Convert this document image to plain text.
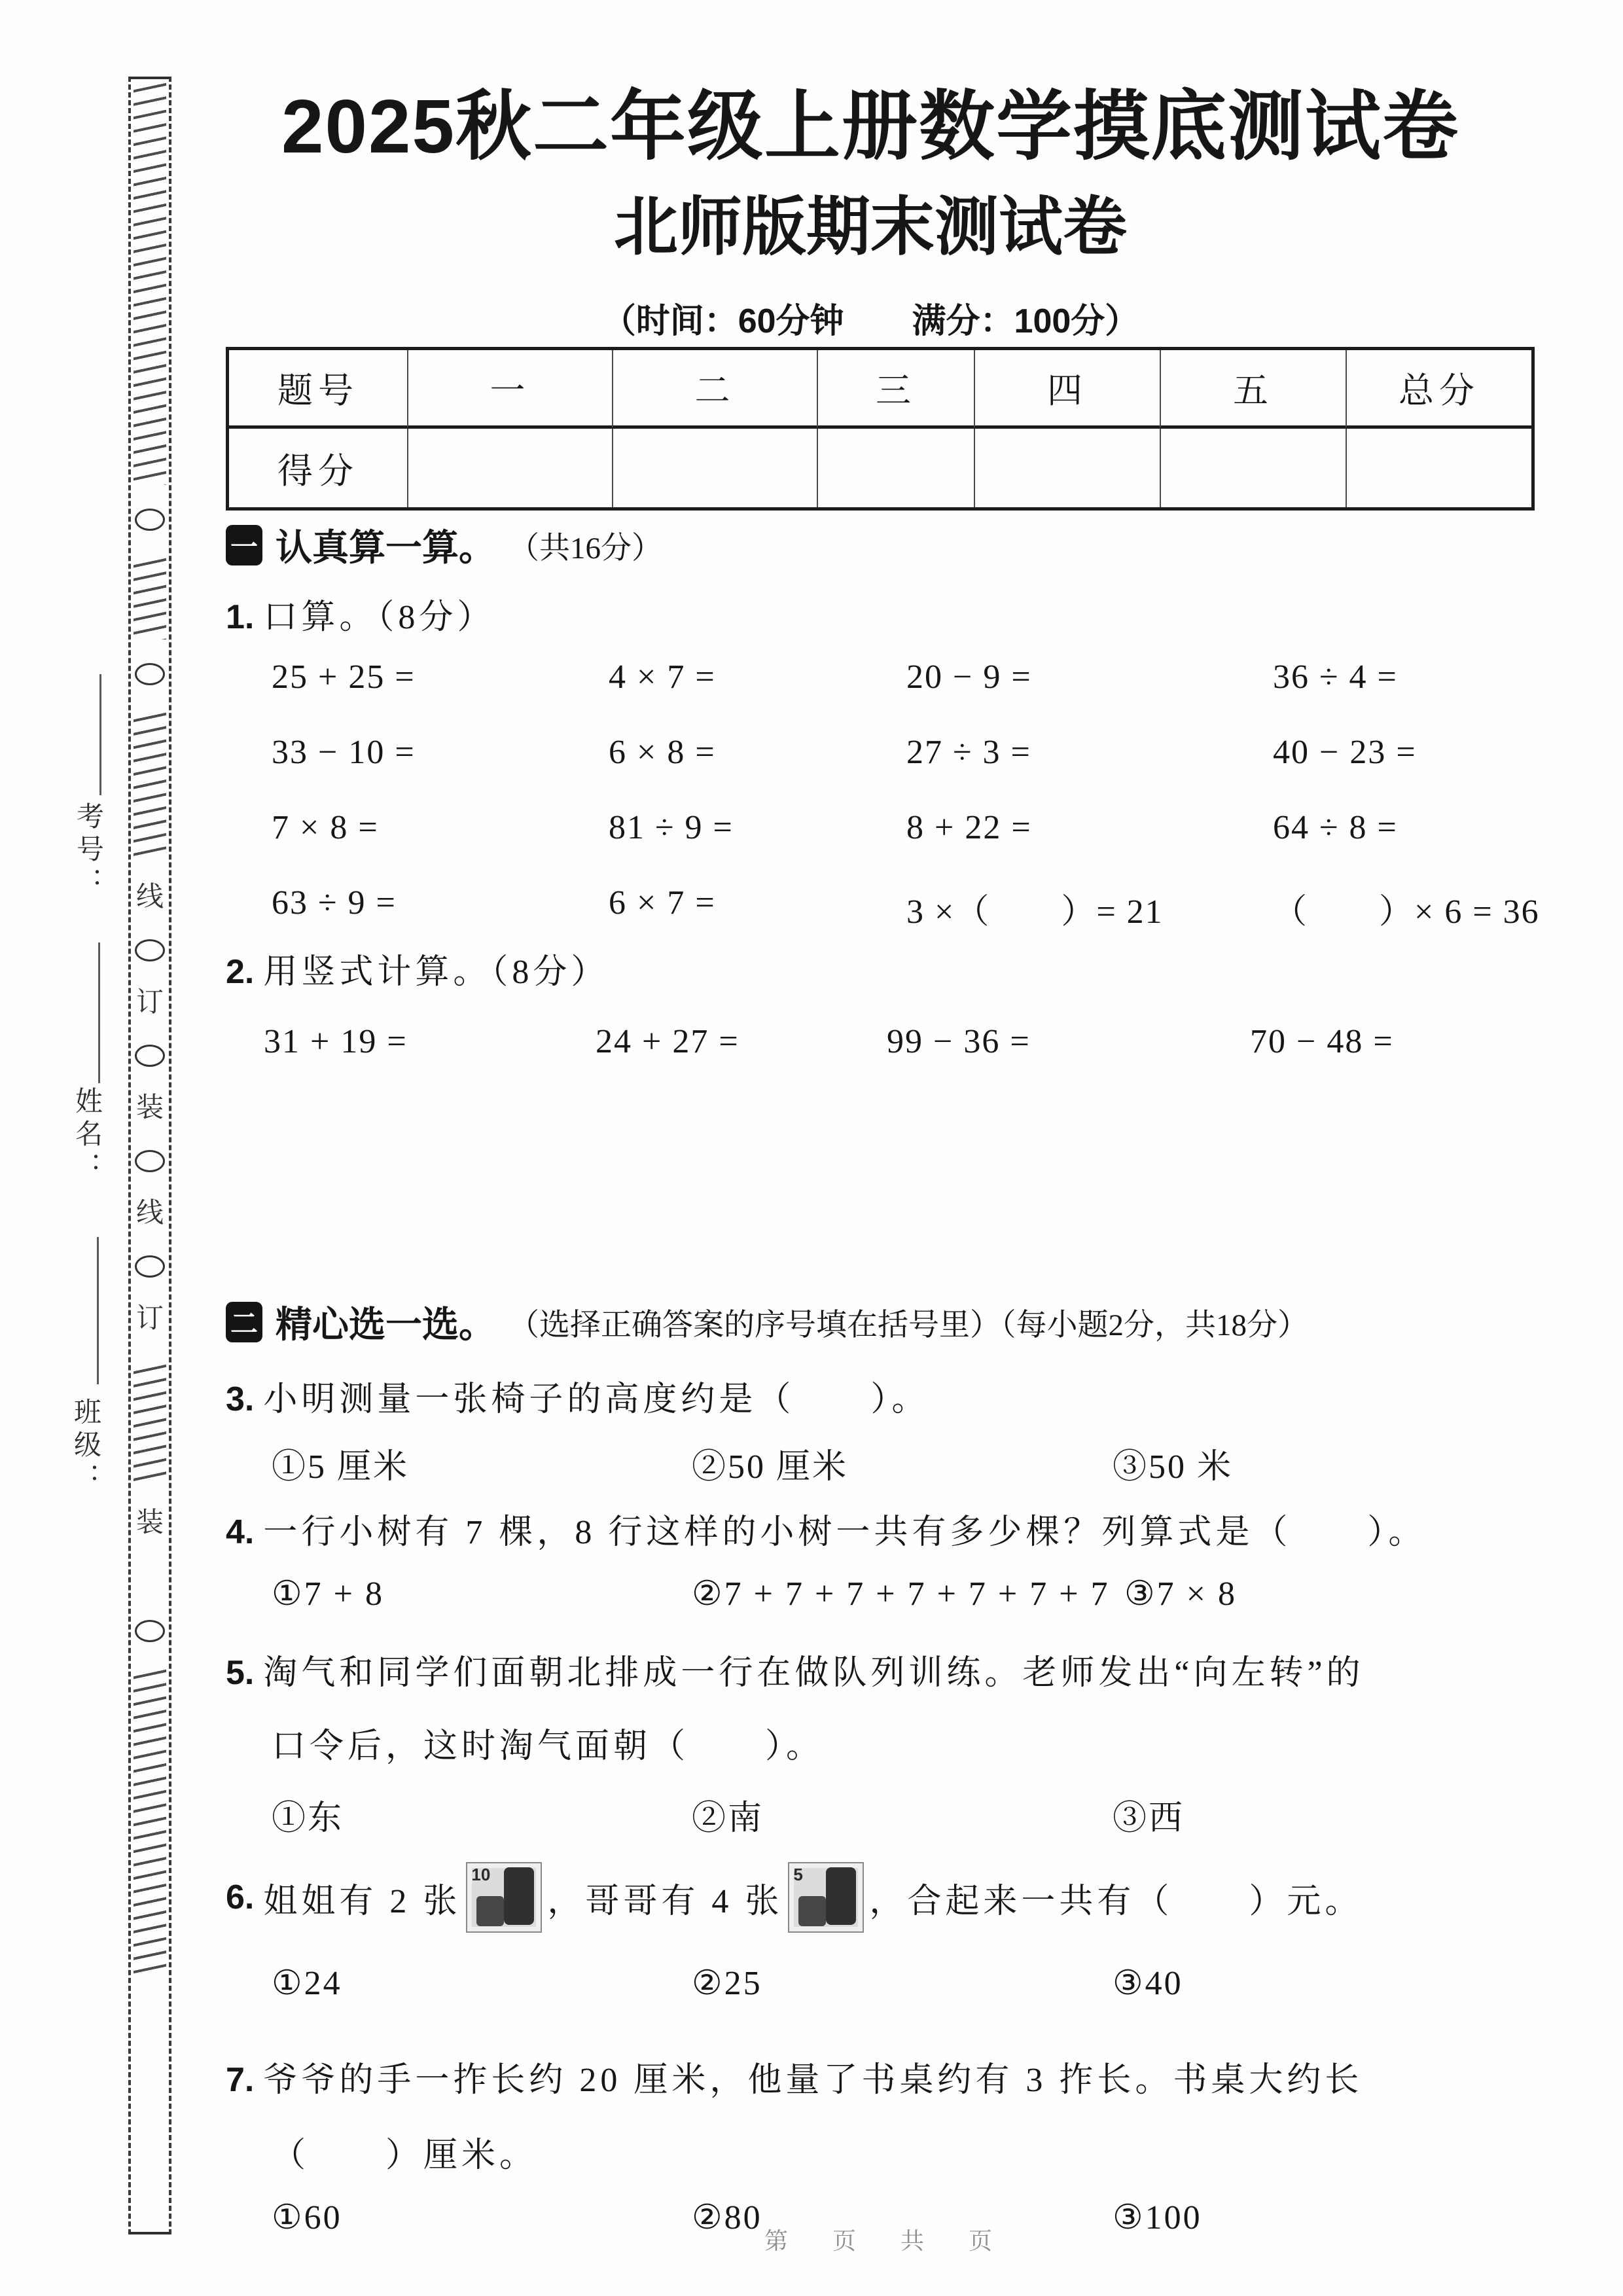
线
订
装
线
订
装
考号：
姓名：
班级：
2025秋二年级上册数学摸底测试卷
北师版期末测试卷
（时间：60分钟　　满分：100分）
题号	一	二	三	四	五	总分
得分
一 认真算一算。 （共16分）
1. 口算。（8分）
25 + 25 =	4 × 7 =	20 − 9 =	36 ÷ 4 =
33 − 10 =	6 × 8 =	27 ÷ 3 =	40 − 23 =
7 × 8 =	81 ÷ 9 =	8 + 22 =	64 ÷ 8 =
63 ÷ 9 =	6 × 7 =	3 ×（　　）= 21	（　　）× 6 = 36
2. 用竖式计算。（8分）
31 + 19 =	24 + 27 =	99 − 36 =	70 − 48 =
二 精心选一选。 （选择正确答案的序号填在括号里）（每小题2分，共18分）
3. 小明测量一张椅子的高度约是（　　）。
①5 厘米	②50 厘米	③50 米
4. 一行小树有 7 棵，8 行这样的小树一共有多少棵？列算式是（　　）。
①7 + 8	②7 + 7 + 7 + 7 + 7 + 7 + 7 ③7 × 8
5. 淘气和同学们面朝北排成一行在做队列训练。老师发出“向左转”的
口令后，这时淘气面朝（　　）。
①东	②南	③西
6. 姐姐有 2 张
10
，哥哥有 4 张
5
，合起来一共有（　　）元。
①24	②25	③40
7. 爷爷的手一拃长约 20 厘米，他量了书桌约有 3 拃长。书桌大约长
（　　）厘米。
①60	②80	③100
第　页　共　页
